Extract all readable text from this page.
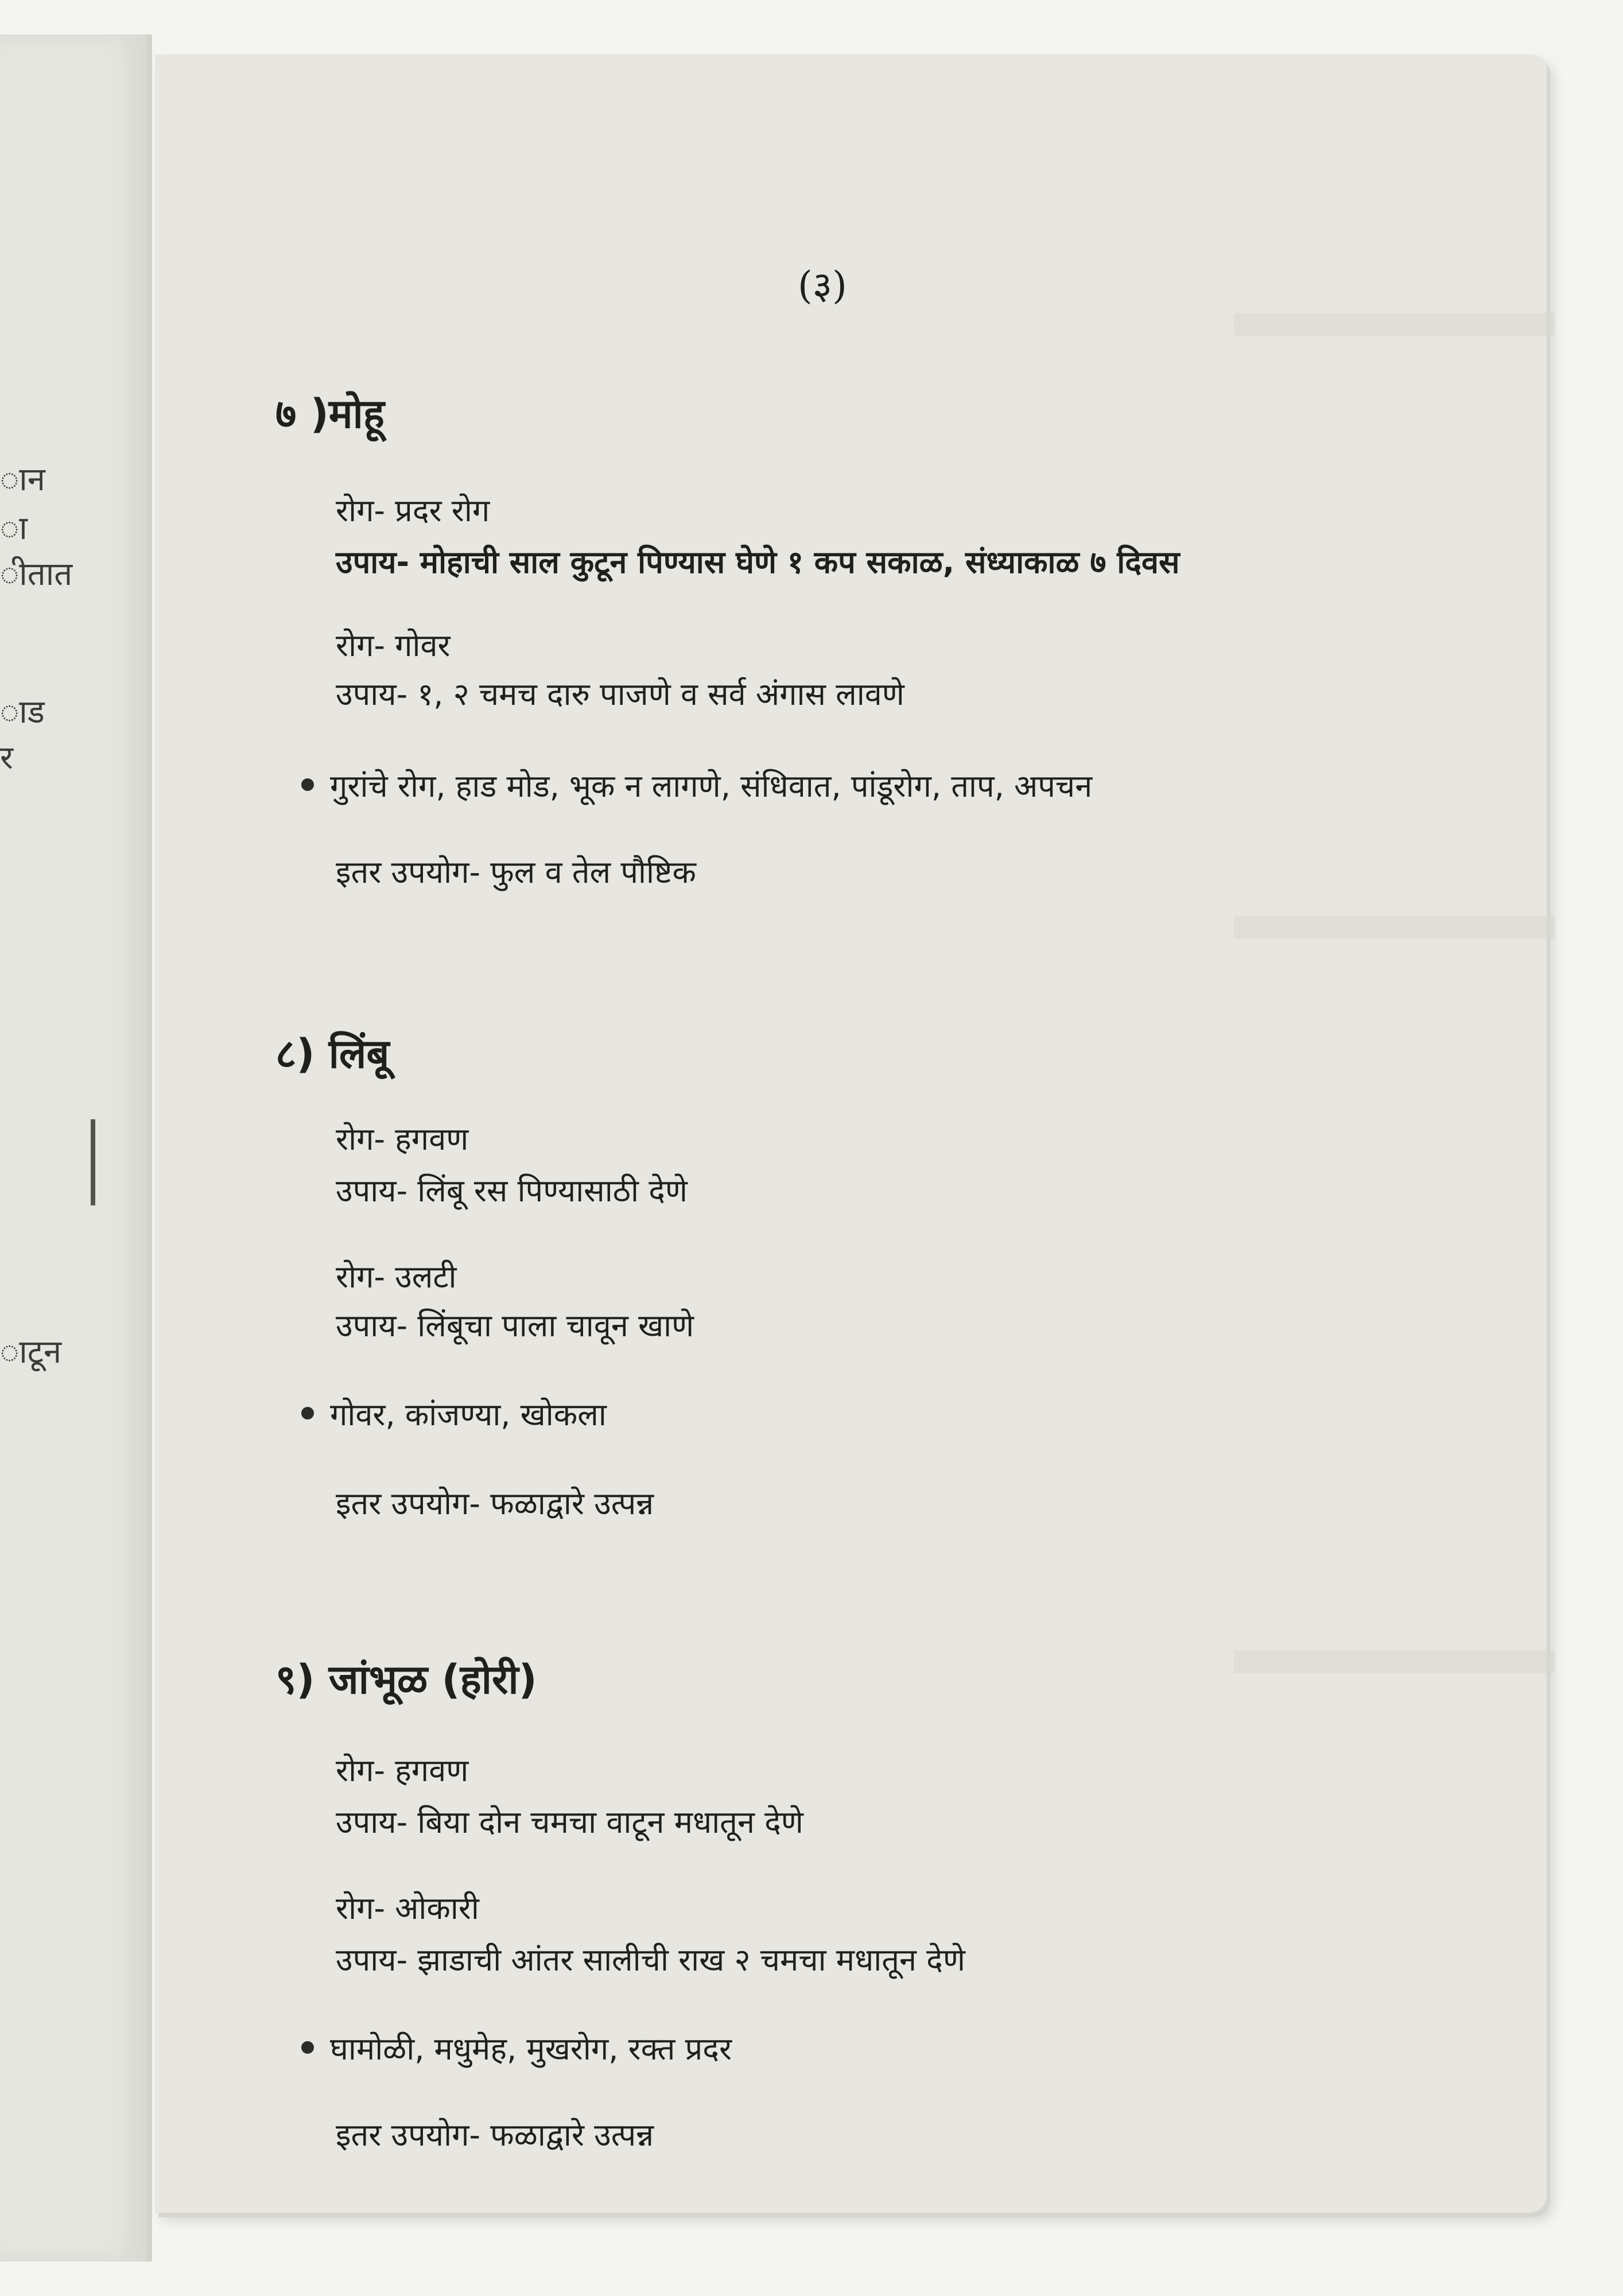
ान
ा
ीतात
ाड
र
ाटून
(३)
७ )मोहू
रोग- प्रदर रोग
उपाय- मोहाची साल कुटून पिण्यास घेणे १ कप सकाळ, संध्याकाळ ७ दिवस
रोग- गोवर
उपाय- १, २ चमच दारु पाजणे व सर्व अंगास लावणे
गुरांचे रोग, हाड मोड, भूक न लागणे, संधिवात, पांडूरोग, ताप, अपचन
इतर उपयोग- फुल व तेल पौष्टिक
८) लिंबू
रोग- हगवण
उपाय- लिंबू रस पिण्यासाठी देणे
रोग- उलटी
उपाय- लिंबूचा पाला चावून खाणे
गोवर, कांजण्या, खोकला
इतर उपयोग- फळाद्वारे उत्पन्न
९) जांभूळ (होरी)
रोग- हगवण
उपाय- बिया दोन चमचा वाटून मधातून देणे
रोग- ओकारी
उपाय- झाडाची आंतर सालीची राख २ चमचा मधातून देणे
घामोळी, मधुमेह, मुखरोग, रक्त प्रदर
इतर उपयोग- फळाद्वारे उत्पन्न
